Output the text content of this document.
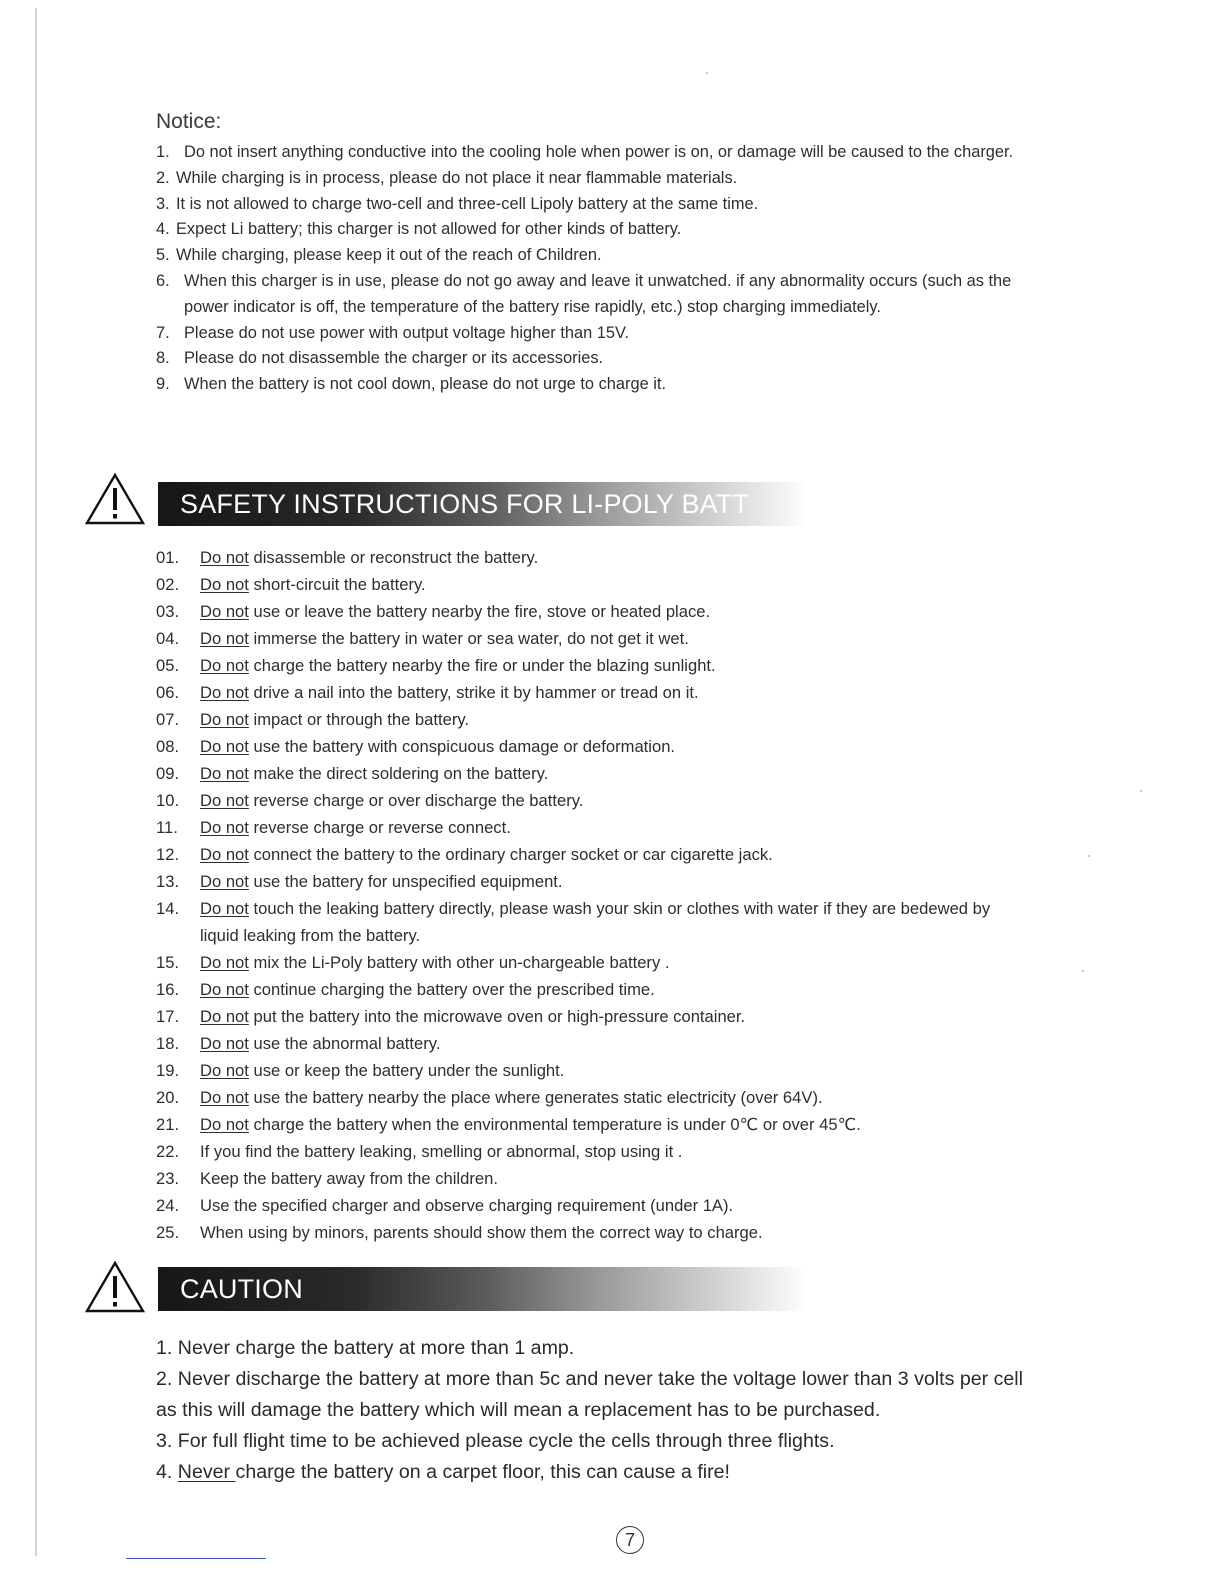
Notice:
1. Do not insert anything conductive into the cooling hole when power is on, or damage will be caused to the charger.
2. While charging is in process, please do not place it near flammable materials.
3. It is not allowed to charge two-cell and three-cell Lipoly battery at the same time.
4. Expect Li battery; this charger is not allowed for other kinds of battery.
5. While charging, please keep it out of the reach of Children.
6. When this charger is in use, please do not go away and leave it unwatched. if any abnormality occurs (such as the power indicator is off, the temperature of the battery rise rapidly, etc.) stop charging immediately.
7. Please do not use power with output voltage higher than 15V.
8. Please do not disassemble the charger or its accessories.
9. When the battery is not cool down, please do not urge to charge it.
SAFETY INSTRUCTIONS FOR LI-POLY BATT
01.	Do not disassemble or reconstruct the battery.
02.	Do not short-circuit the battery.
03.	Do not use or leave the battery nearby the fire, stove or heated place.
04.	Do not immerse the battery in water or sea water, do not get it wet.
05.	Do not charge the battery nearby the fire or under the blazing sunlight.
06.	Do not drive a nail into the battery, strike it by hammer or tread on it.
07.	Do not impact or through the battery.
08.	Do not use the battery with conspicuous damage or deformation.
09.	Do not make the direct soldering on the battery.
10.	Do not reverse charge or over discharge the battery.
11.	Do not reverse charge or reverse connect.
12.	Do not connect the battery to the ordinary charger socket or car cigarette jack.
13.	Do not use the battery for unspecified equipment.
14.	Do not touch the leaking battery directly, please wash your skin or clothes with water if they are bedewed by liquid leaking from the battery.
15.	Do not mix the Li-Poly battery with other un-chargeable battery .
16.	Do not continue charging the battery over the prescribed time.
17.	Do not put the battery into the microwave oven or high-pressure container.
18.	Do not use the abnormal battery.
19.	Do not use or keep the battery under the sunlight.
20.	Do not use the battery nearby the place where generates static electricity (over 64V).
21.	Do not charge the battery when the environmental temperature is under 0℃ or over 45℃.
22.	If you find the battery leaking, smelling or abnormal, stop using it .
23.	Keep the battery away from the children.
24.	Use the specified charger and observe charging requirement (under 1A).
25.	When using by minors, parents should show them the correct way to charge.
CAUTION
1. Never charge the battery at more than 1 amp.
2. Never discharge the battery at more than 5c and never take the voltage lower than 3 volts per cell as this will damage the battery which will mean a replacement has to be purchased.
3. For full flight time to be achieved please cycle the cells through three flights.
4. Never charge the battery on a carpet floor, this can cause a fire!
7
